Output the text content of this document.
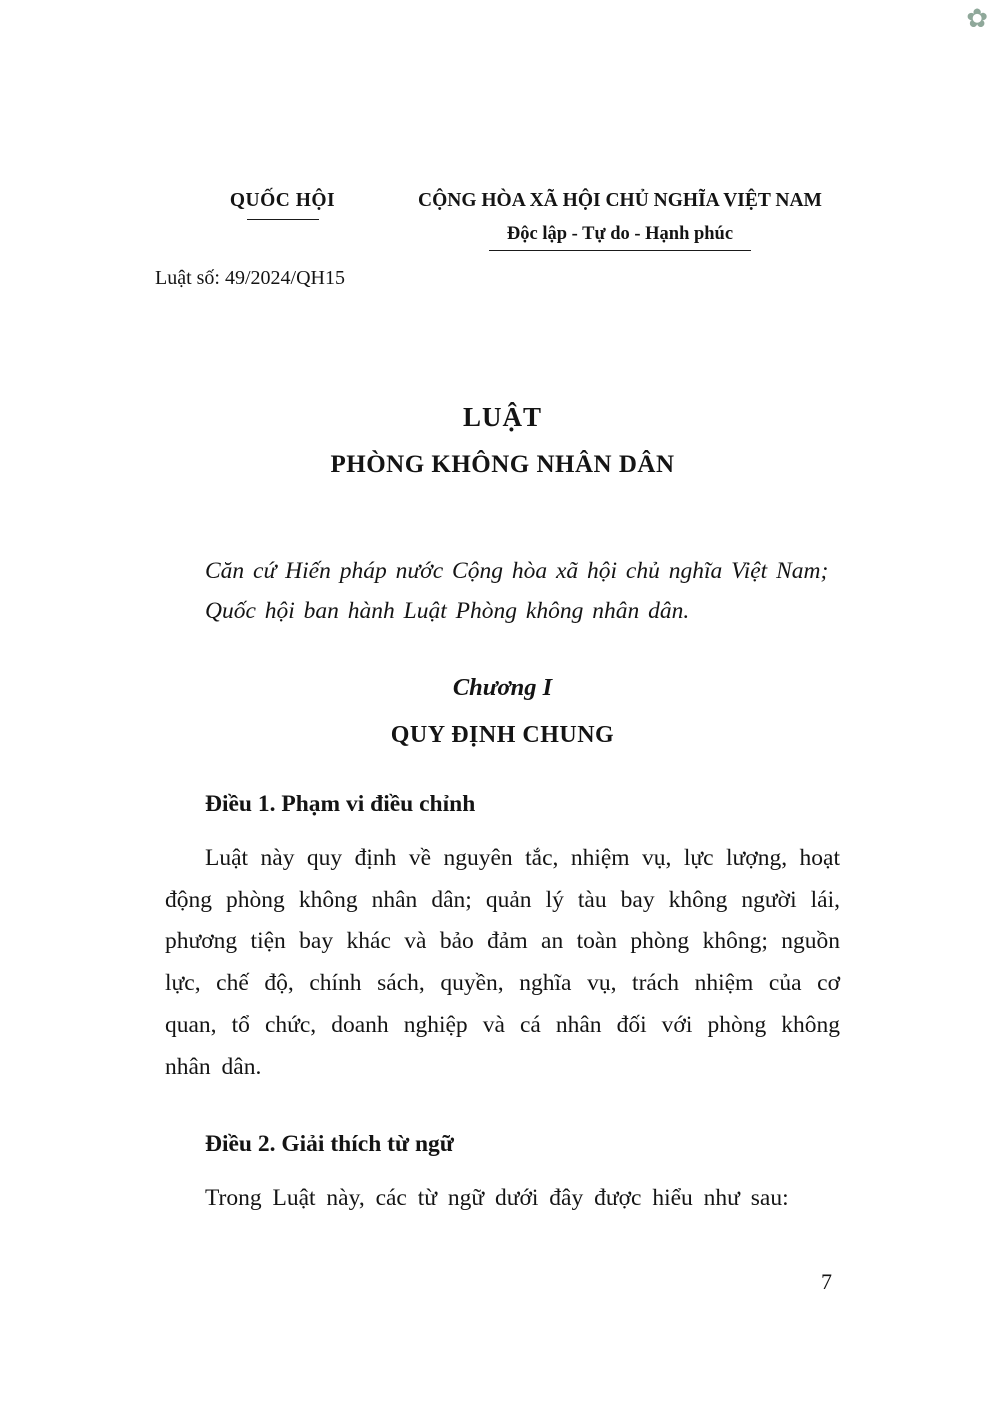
✿
QUỐC HỘI	CỘNG HÒA XÃ HỘI CHỦ NGHĨA VIỆT NAM
Độc lập - Tự do - Hạnh phúc
Luật số: 49/2024/QH15
LUẬT
PHÒNG KHÔNG NHÂN DÂN

Căn cứ Hiến pháp nước Cộng hòa xã hội chủ nghĩa Việt Nam;

Quốc hội ban hành Luật Phòng không nhân dân.

Chương I
QUY ĐỊNH CHUNG
Điều 1. Phạm vi điều chỉnh
Luật này quy định về nguyên tắc, nhiệm vụ, lực lượng, hoạt động phòng không nhân dân; quản lý tàu bay không người lái, phương tiện bay khác và bảo đảm an toàn phòng không; nguồn lực, chế độ, chính sách, quyền, nghĩa vụ, trách nhiệm của cơ quan, tổ chức, doanh nghiệp và cá nhân đối với phòng không nhân dân.
Điều 2. Giải thích từ ngữ
Trong Luật này, các từ ngữ dưới đây được hiểu như sau:
7
